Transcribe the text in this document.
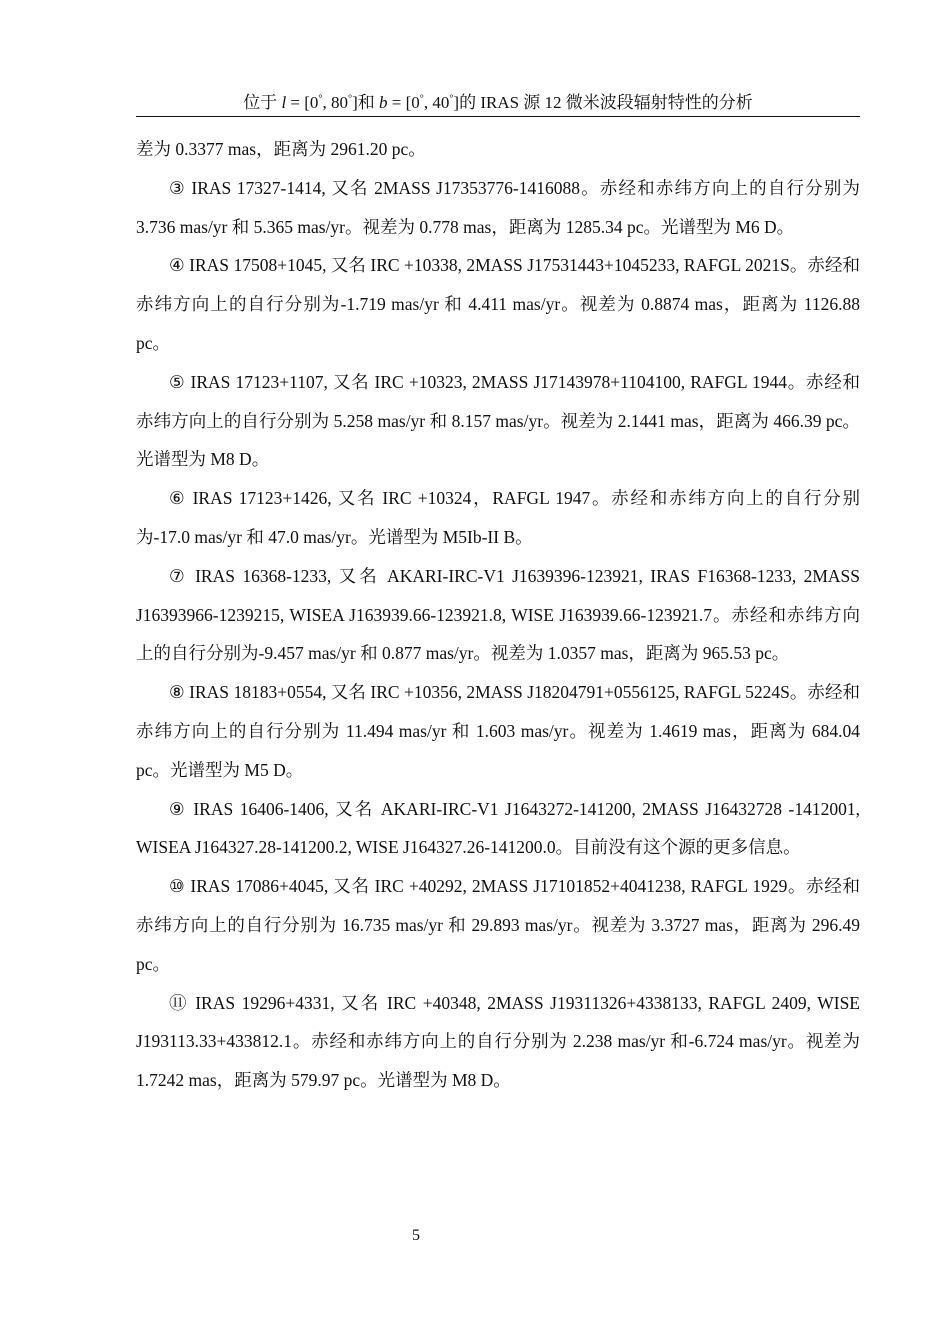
位于 l = [0°, 80°]和 b = [0°, 40°]的 IRAS 源 12 微米波段辐射特性的分析

差为 0.3377 mas，距离为 2961.20 pc。

③ IRAS 17327-1414, 又名 2MASS J17353776-1416088。赤经和赤纬方向上的自行分别为 3.736 mas/yr 和 5.365 mas/yr。视差为 0.778 mas，距离为 1285.34 pc。光谱型为 M6 D。

④ IRAS 17508+1045, 又名 IRC +10338, 2MASS J17531443+1045233, RAFGL 2021S。赤经和赤纬方向上的自行分别为-1.719 mas/yr 和 4.411 mas/yr。视差为 0.8874 mas，距离为 1126.88 pc。

⑤ IRAS 17123+1107, 又名 IRC +10323, 2MASS J17143978+1104100, RAFGL 1944。赤经和赤纬方向上的自行分别为 5.258 mas/yr 和 8.157 mas/yr。视差为 2.1441 mas，距离为 466.39 pc。光谱型为 M8 D。

⑥ IRAS 17123+1426, 又名 IRC +10324，RAFGL 1947。赤经和赤纬方向上的自行分别为-17.0 mas/yr 和 47.0 mas/yr。光谱型为 M5Ib-II B。

⑦ IRAS 16368-1233, 又名 AKARI-IRC-V1 J1639396-123921, IRAS F16368-1233, 2MASS J16393966-1239215, WISEA J163939.66-123921.8, WISE J163939.66-123921.7。赤经和赤纬方向上的自行分别为-9.457 mas/yr 和 0.877 mas/yr。视差为 1.0357 mas，距离为 965.53 pc。

⑧ IRAS 18183+0554, 又名 IRC +10356, 2MASS J18204791+0556125, RAFGL 5224S。赤经和赤纬方向上的自行分别为 11.494 mas/yr 和 1.603 mas/yr。视差为 1.4619 mas，距离为 684.04 pc。光谱型为 M5 D。

⑨ IRAS 16406-1406, 又名 AKARI-IRC-V1 J1643272-141200, 2MASS J16432728 -1412001, WISEA J164327.28-141200.2, WISE J164327.26-141200.0。目前没有这个源的更多信息。

⑩ IRAS 17086+4045, 又名 IRC +40292, 2MASS J17101852+4041238, RAFGL 1929。赤经和赤纬方向上的自行分别为 16.735 mas/yr 和 29.893 mas/yr。视差为 3.3727 mas，距离为 296.49 pc。

⑪ IRAS 19296+4331, 又名 IRC +40348, 2MASS J19311326+4338133, RAFGL 2409, WISE J193113.33+433812.1。赤经和赤纬方向上的自行分别为 2.238 mas/yr 和-6.724 mas/yr。视差为 1.7242 mas，距离为 579.97 pc。光谱型为 M8 D。

5
